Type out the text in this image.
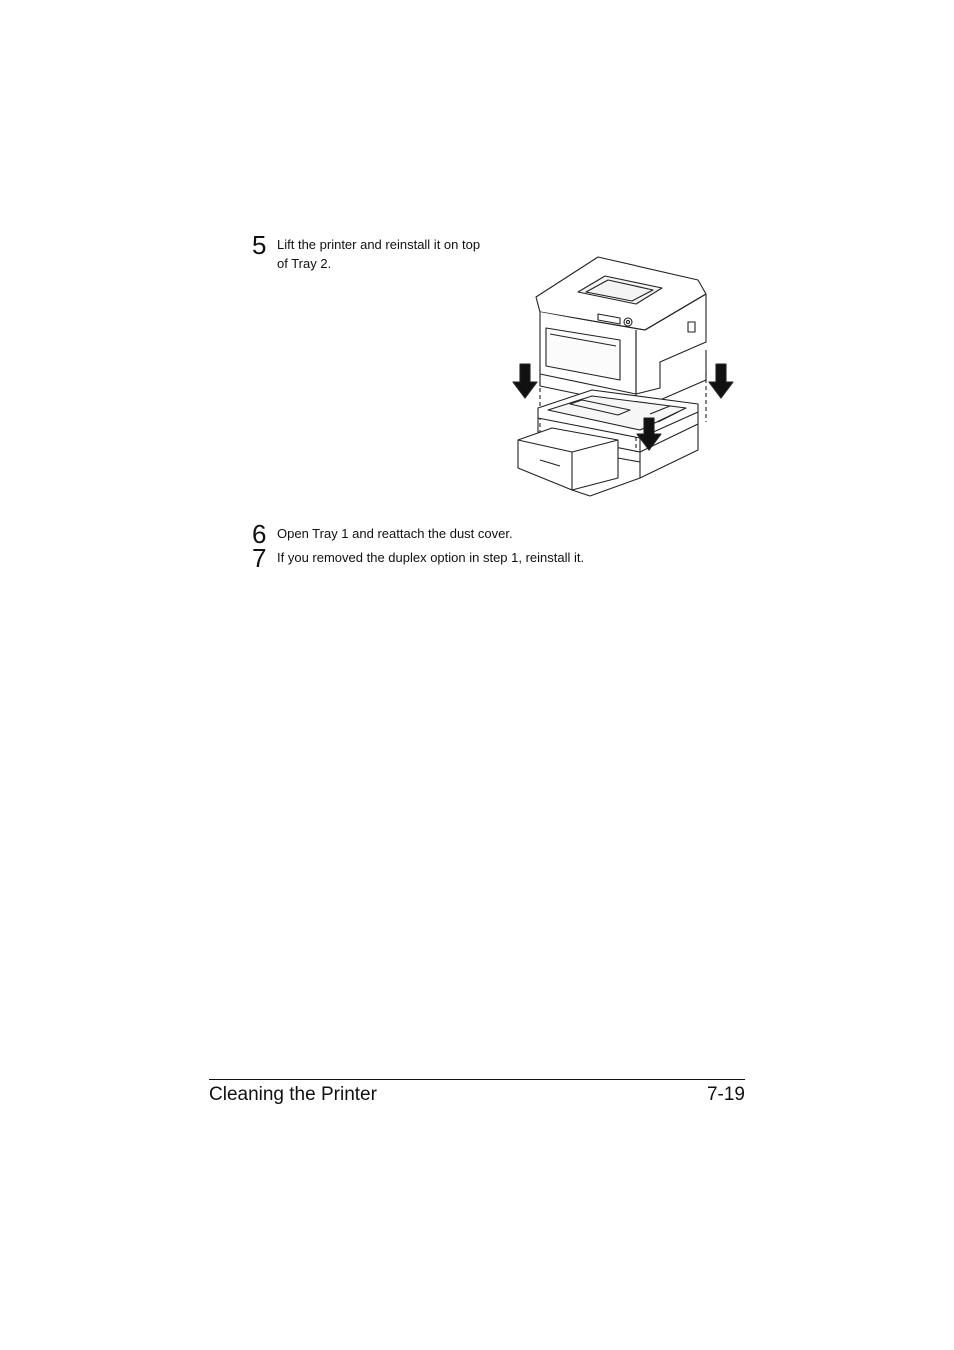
5 Lift the printer and reinstall it on top of Tray 2.
6 Open Tray 1 and reattach the dust cover.
7 If you removed the duplex option in step 1, reinstall it.
Cleaning the Printer	7-19
